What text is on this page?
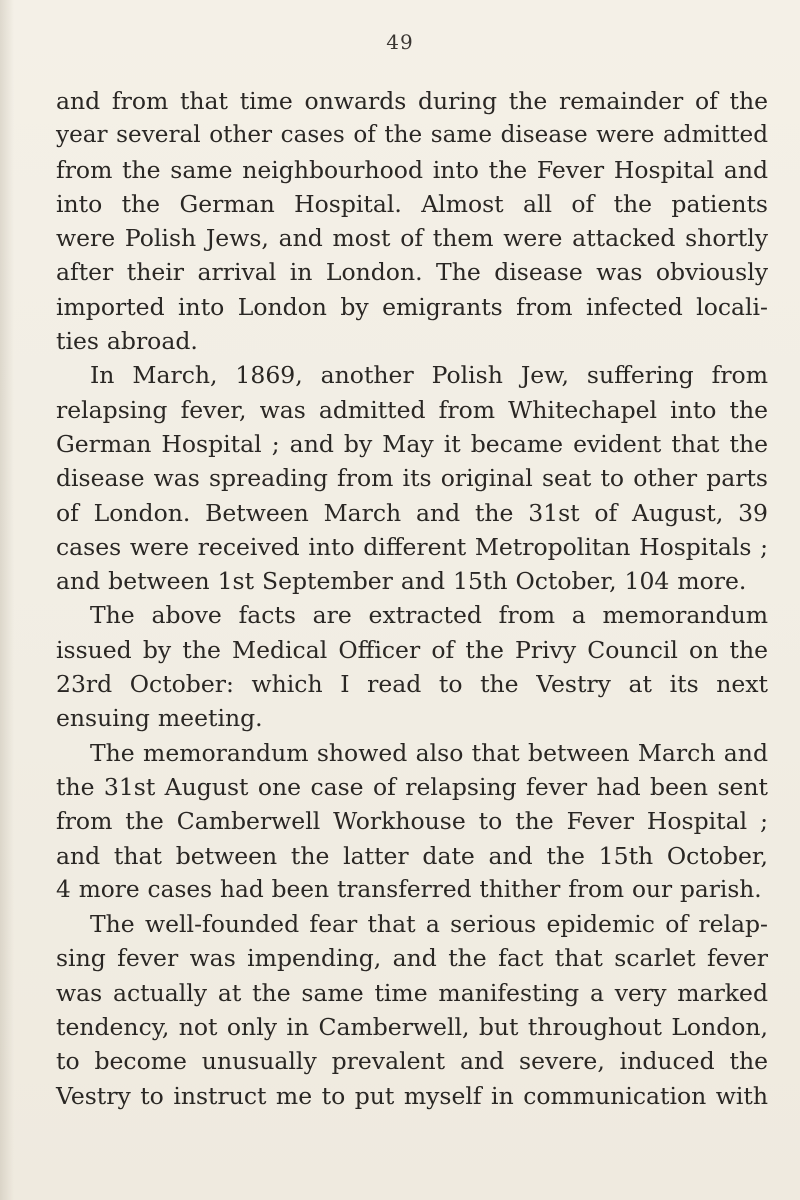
49

and from that time onwards during the remainder of the
year several other cases of the same disease were admitted
from the same neighbourhood into the Fever Hospital and
into the German Hospital. Almost all of the patients
were Polish Jews, and most of them were attacked shortly
after their arrival in London. The disease was obviously
imported into London by emigrants from infected locali-
ties abroad.

In March, 1869, another Polish Jew, suffering from
relapsing fever, was admitted from Whitechapel into the
German Hospital ; and by May it became evident that the
disease was spreading from its original seat to other parts
of London. Between March and the 31st of August, 39
cases were received into different Metropolitan Hospitals ;
and between 1st September and 15th October, 104 more.

The above facts are extracted from a memorandum
issued by the Medical Officer of the Privy Council on the
23rd October: which I read to the Vestry at its next
ensuing meeting.

The memorandum showed also that between March and
the 31st August one case of relapsing fever had been sent
from the Camberwell Workhouse to the Fever Hospital ;
and that between the latter date and the 15th October,
4 more cases had been transferred thither from our parish.

The well-founded fear that a serious epidemic of relap-
sing fever was impending, and the fact that scarlet fever
was actually at the same time manifesting a very marked
tendency, not only in Camberwell, but throughout London,
to become unusually prevalent and severe, induced the
Vestry to instruct me to put myself in communication with
